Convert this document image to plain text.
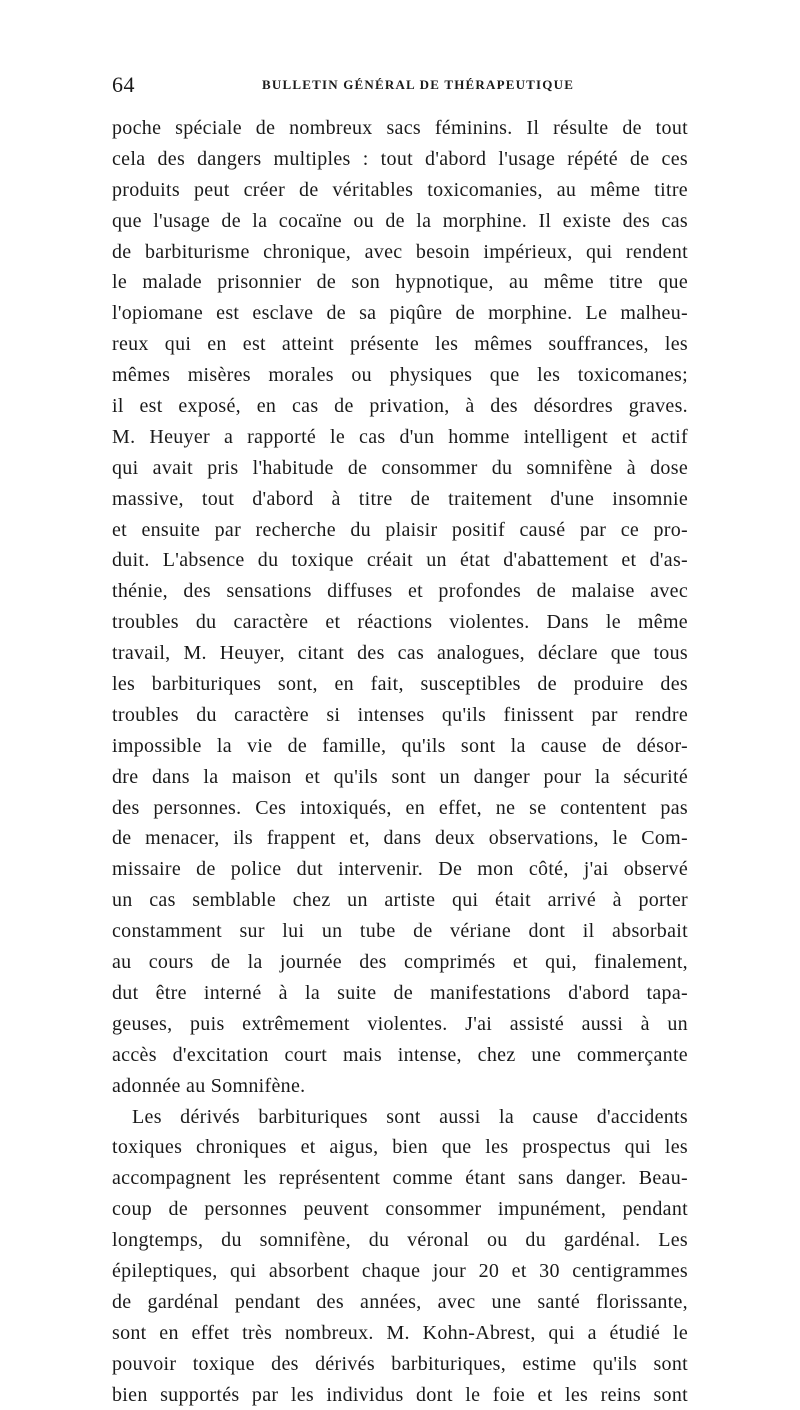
64	BULLETIN GÉNÉRAL DE THÉRAPEUTIQUE
poche spéciale de nombreux sacs féminins. Il résulte de tout
cela des dangers multiples : tout d'abord l'usage répété de ces
produits peut créer de véritables toxicomanies, au même titre
que l'usage de la cocaïne ou de la morphine. Il existe des cas
de barbiturisme chronique, avec besoin impérieux, qui rendent
le malade prisonnier de son hypnotique, au même titre que
l'opiomane est esclave de sa piqûre de morphine. Le malheu-
reux qui en est atteint présente les mêmes souffrances, les
mêmes misères morales ou physiques que les toxicomanes;
il est exposé, en cas de privation, à des désordres graves.
M. Heuyer a rapporté le cas d'un homme intelligent et actif
qui avait pris l'habitude de consommer du somnifène à dose
massive, tout d'abord à titre de traitement d'une insomnie
et ensuite par recherche du plaisir positif causé par ce pro-
duit. L'absence du toxique créait un état d'abattement et d'as-
thénie, des sensations diffuses et profondes de malaise avec
troubles du caractère et réactions violentes. Dans le même
travail, M. Heuyer, citant des cas analogues, déclare que tous
les barbituriques sont, en fait, susceptibles de produire des
troubles du caractère si intenses qu'ils finissent par rendre
impossible la vie de famille, qu'ils sont la cause de désor-
dre dans la maison et qu'ils sont un danger pour la sécurité
des personnes. Ces intoxiqués, en effet, ne se contentent pas
de menacer, ils frappent et, dans deux observations, le Com-
missaire de police dut intervenir. De mon côté, j'ai observé
un cas semblable chez un artiste qui était arrivé à porter
constamment sur lui un tube de vériane dont il absorbait
au cours de la journée des comprimés et qui, finalement,
dut être interné à la suite de manifestations d'abord tapa-
geuses, puis extrêmement violentes. J'ai assisté aussi à un
accès d'excitation court mais intense, chez une commerçante
adonnée au Somnifène.
Les dérivés barbituriques sont aussi la cause d'accidents
toxiques chroniques et aigus, bien que les prospectus qui les
accompagnent les représentent comme étant sans danger. Beau-
coup de personnes peuvent consommer impunément, pendant
longtemps, du somnifène, du véronal ou du gardénal. Les
épileptiques, qui absorbent chaque jour 20 et 30 centigrammes
de gardénal pendant des années, avec une santé florissante,
sont en effet très nombreux. M. Kohn-Abrest, qui a étudié le
pouvoir toxique des dérivés barbituriques, estime qu'ils sont
bien supportés par les individus dont le foie et les reins sont
